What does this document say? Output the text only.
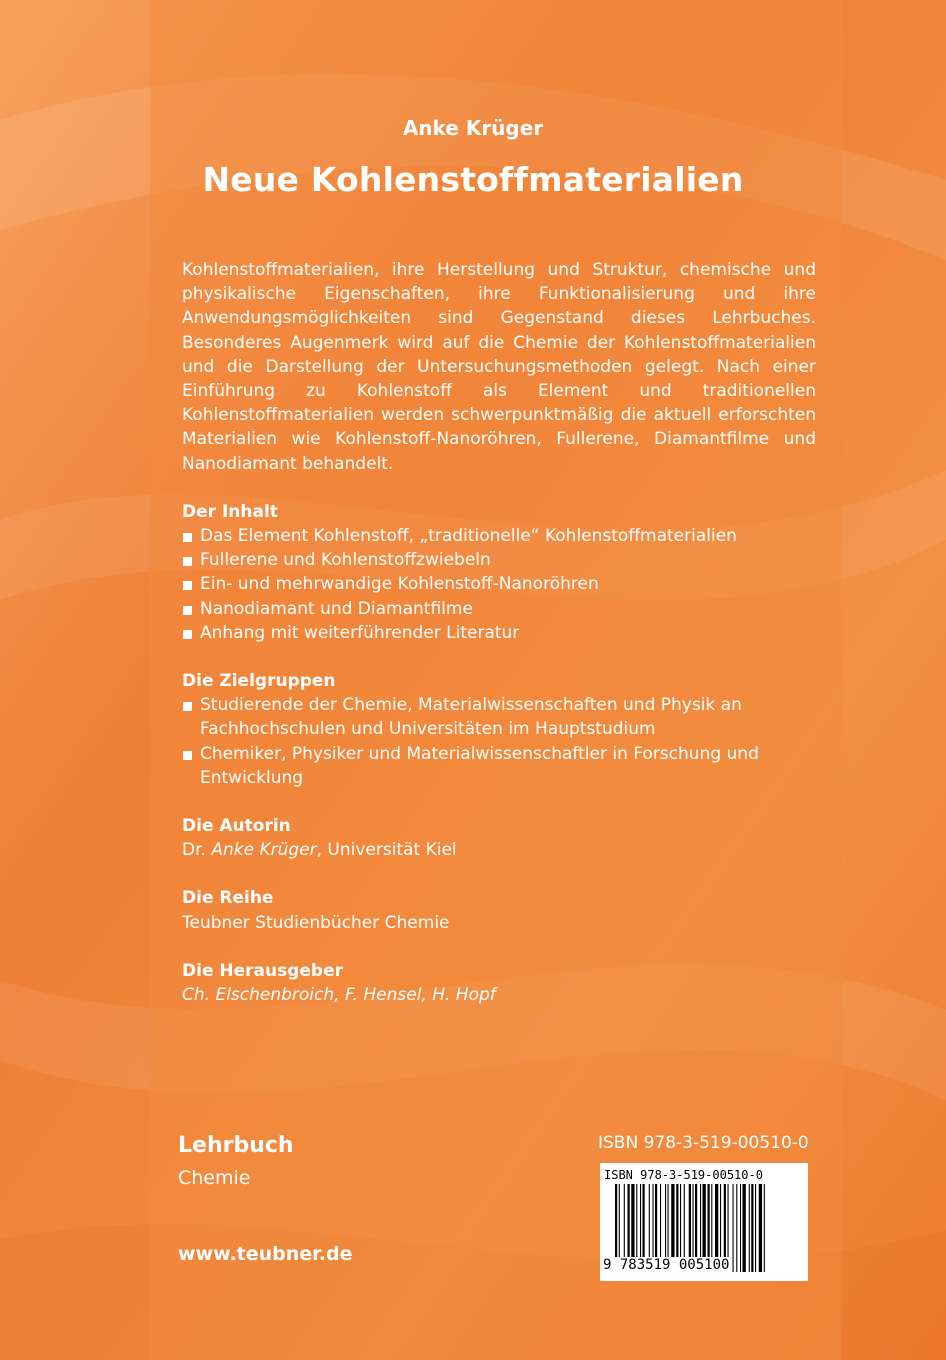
Anke Krüger
Neue Kohlenstoffmaterialien

Kohlenstoffmaterialien, ihre Herstellung und Struktur, chemische und physikalische Eigenschaften, ihre Funktionalisierung und ihre Anwendungsmöglichkeiten sind Gegenstand dieses Lehrbuches. Besonderes Augenmerk wird auf die Chemie der Kohlenstoffmaterialien und die Darstellung der Untersuchungsmethoden gelegt. Nach einer Einführung zu Kohlenstoff als Element und traditionellen Kohlenstoffmaterialien werden schwerpunktmäßig die aktuell erforschten Materialien wie Kohlenstoff-Nanoröhren, Fullerene, Diamantfilme und Nanodiamant behandelt.

Der Inhalt
Das Element Kohlenstoff, „traditionelle“ Kohlenstoffmaterialien
Fullerene und Kohlenstoffzwiebeln
Ein- und mehrwandige Kohlenstoff-Nanoröhren
Nanodiamant und Diamantfilme
Anhang mit weiterführender Literatur
Die Zielgruppen
Studierende der Chemie, Materialwissenschaften und Physik an Fachhochschulen und Universitäten im Hauptstudium
Chemiker, Physiker und Materialwissenschaftler in Forschung und Entwicklung
Die Autorin
Dr. Anke Krüger, Universität Kiel
Die Reihe
Teubner Studienbücher Chemie
Die Herausgeber
Ch. Elschenbroich, F. Hensel, H. Hopf
Lehrbuch
Chemie
www.teubner.de
ISBN 978-3-519-00510-0
ISBN 978-3-519-00510-0
9 783519 005100
